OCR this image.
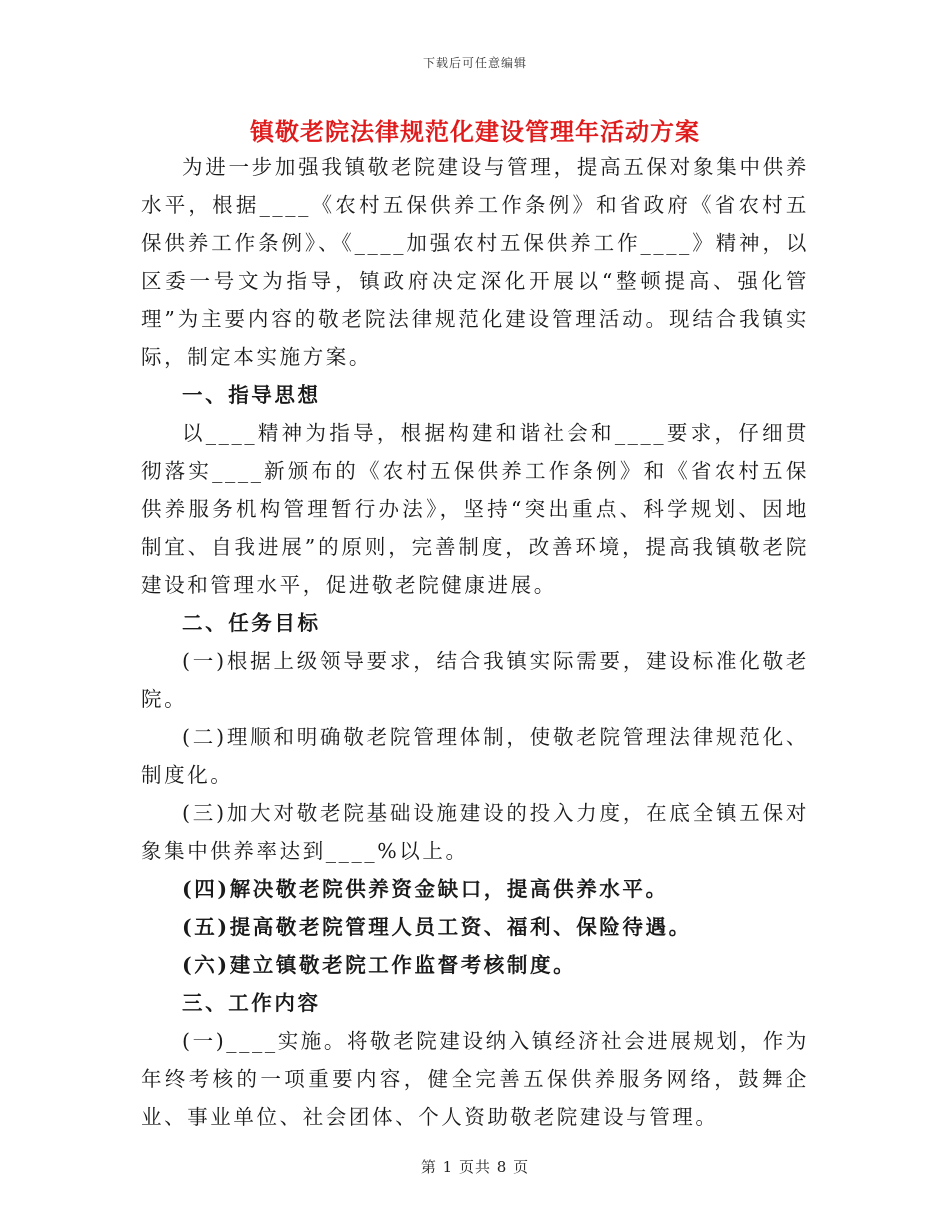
下载后可任意编辑
镇敬老院法律规范化建设管理年活动方案

为进一步加强我镇敬老院建设与管理，提高五保对象集中供养水平，根据____《农村五保供养工作条例》和省政府《省农村五保供养工作条例》、《____加强农村五保供养工作____》精神，以区委一号文为指导，镇政府决定深化开展以“整顿提高、强化管理”为主要内容的敬老院法律规范化建设管理活动。现结合我镇实际，制定本实施方案。

一、指导思想

以____精神为指导，根据构建和谐社会和____要求，仔细贯彻落实____新颁布的《农村五保供养工作条例》和《省农村五保供养服务机构管理暂行办法》，坚持“突出重点、科学规划、因地制宜、自我进展”的原则，完善制度，改善环境，提高我镇敬老院建设和管理水平，促进敬老院健康进展。

二、任务目标

(一)根据上级领导要求，结合我镇实际需要，建设标准化敬老院。

(二)理顺和明确敬老院管理体制，使敬老院管理法律规范化、制度化。

(三)加大对敬老院基础设施建设的投入力度，在底全镇五保对象集中供养率达到____%以上。

(四)解决敬老院供养资金缺口，提高供养水平。

(五)提高敬老院管理人员工资、福利、保险待遇。

(六)建立镇敬老院工作监督考核制度。

三、工作内容

(一)____实施。将敬老院建设纳入镇经济社会进展规划，作为年终考核的一项重要内容，健全完善五保供养服务网络，鼓舞企业、事业单位、社会团体、个人资助敬老院建设与管理。

第 1 页共 8 页
